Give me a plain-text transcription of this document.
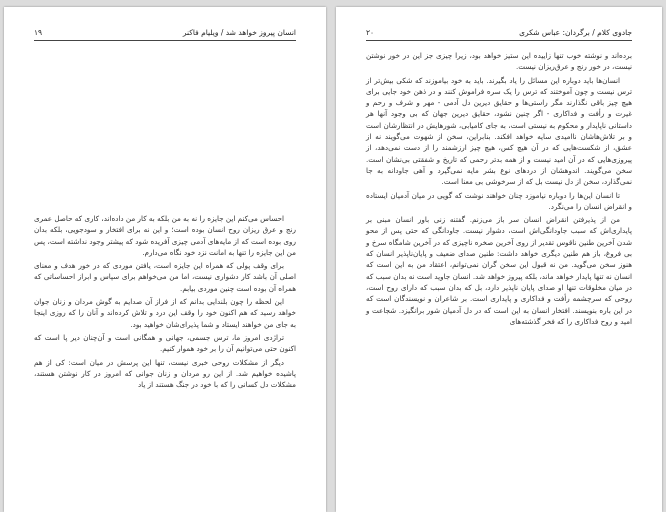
انسان پیروز خواهد شد / ویلیام فاکنر
۱۹

احساس می‌کنم این جایزه را نه به من بلکه به کار من داده‌اند، کاری که حاصل عمری رنج و عرق ریزان روح انسان بوده است؛ و این نه برای افتخار و سودجویی، بلکه بدان روی بوده است که از مایه‌های آدمی چیزی آفریده شود که پیشتر وجود نداشته است، پس من این جایزه را تنها به امانت نزد خود نگاه می‌دارم.

برای وقف پولی که همراه این جایزه است، یافتن موردی که در خور هدف و معنای اصلی آن باشد کار دشواری نیست، اما من می‌خواهم برای سپاس و ابراز احساساتی که همراه آن بوده است چنین موردی بیابم.

این لحظه را چون بلندایی بدانم که از فراز آن صدایم به گوش مردان و زنان جوان خواهد رسید که هم اکنون خود را وقف این درد و تلاش کرده‌اند و آنان را که روزی اینجا به جای من خواهند ایستاد و شما پذیرای‌شان خواهید بود.

تراژدی امروز ما، ترس جسمی، جهانی و همگانی است و آن‌چنان دیر پا است که اکنون حتی می‌توانیم آن را بر خود هموار کنیم.

دیگر از مشکلات روحی خبری نیست، تنها این پرسش در میان است: کی از هم پاشیده خواهیم شد. از این رو مردان و زنان جوانی که امروز در کار نوشتن هستند، مشکلات دل کسانی را که با خود در جنگ هستند از یاد

جادوی کلام / برگردان: عباس شکری
۲۰

برده‌اند و نوشته خوب تنها زاییده این ستیز خواهد بود، زیرا چیزی جز این در خور نوشتن نیست، در خور رنج و عرق‌ریزان نیست.

انسان‌ها باید دوباره این مسائل را یاد بگیرند. باید به خود بیاموزند که شکی بیش‌تر از ترس نیست و چون آموختند که ترس را یک سره فراموش کنند و در ذهن خود جایی برای هیچ چیز باقی نگذارند مگر راستی‌ها و حقایق دیرین دل آدمی - مهر و شرف و رحم و غیرت و رأفت و فداکاری - اگر چنین نشود، حقایق دیرین جهان که بی وجود آنها هر داستانی ناپایدار و محکوم به نیستی است، به جای کامیابی، شورهایش در انتظارشان است و بر تلاش‌هاشان ناامیدی سایه خواهد افکند. بنابراین، سخن از شهوت می‌گویند نه از عشق، از شکست‌هایی که در آن هیچ کس، هیچ چیز ارزشمند را از دست نمی‌دهد، از پیروزی‌هایی که در آن امید نیست و از همه بدتر رحمی که تاریخ و شفقتی بی‌نشان است. سخن می‌گویند. اندوهشان از دردهای نوع بشر مایه نمی‌گیرد و آهی جاودانه به جا نمی‌گذارد، سخن از دل نیست بل که از سرخوشی بی معنا است.

تا انسان این‌ها را دوباره نیاموزد چنان خواهند نوشت که گویی در میان آدمیان ایستاده و انقراض انسان را می‌نگرد.

من از پذیرفتن انقراض انسان سر باز می‌زنم. گفتنه زنی باور انسان مبنی بر پایداری‌اش که سبب جاودانگی‌اش است، دشوار نیست. جاودانگی که حتی پس از محو شدن آخرین طنین ناقوس تقدیر از روی آخرین صخره ناچیزی که در آخرین شامگاه سرخ و بی فروغ، باز هم طنین دیگری خواهد داشت: طنین صدای ضعیف و پایان‌ناپذیر انسان که هنوز سخن می‌گوید. من نه قبول این سخن گران نمی‌توانم، اعتقاد من به این است که انسان نه تنها پایدار خواهد ماند، بلکه پیروز خواهد شد. انسان جاوید است نه بدان سبب که در میان مخلوقات تنها او صدای پایان ناپذیر دارد، بل که بدان سبب که دارای روح است، روحی که سرچشمه رأفت و فداکاری و پایداری است. بر شاعران و نویسندگان است که در این باره بنویسند. افتخار انسان به این است که در دل آدمیان شور برانگیزد. شجاعت و امید و روح فداکاری را که فخر گذشته‌های
